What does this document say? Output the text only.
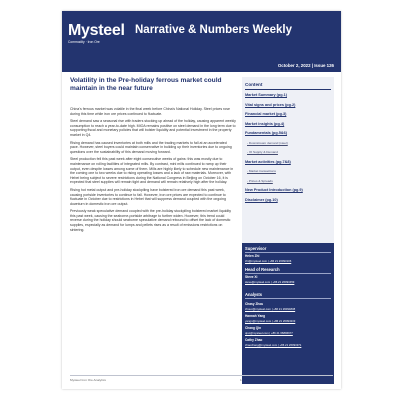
Mysteel
Commodity · Iron Ore
Narrative & Numbers Weekly
October 2, 2022 | Issue 126
Volatility in the Pre-holiday ferrous market could maintain in the near future

China's ferrous market was volatile in the final week before China's National Holiday. Steel prices rose during this time while iron ore prices continued to fluctuate.

Steel demand saw a seasonal rise with traders stocking up ahead of the holiday, causing apparent weekly consumption to reach a year-to-date high. MIOA remains positive on steel demand in the long term due to supporting fiscal and monetary policies that will bolster liquidity and potential investment in the property market in Q4.

Rising demand has caused inventories at both mills and the trading markets to fall at an accelerated pace. However, steel buyers could maintain conservative in building up their inventories due to ongoing questions over the sustainability of this demand moving forward.

Steel production fell this past week after eight consecutive weeks of gains: this was mostly due to maintenance on rolling facilities of integrated mills. By contrast, mini mills continued to ramp up their output, even despite losses among some of them. Mills are highly likely to schedule new maintenance in the coming one to two weeks due to rising operating losses and a lack of raw materials. Moreover, with Hebei being subject to severe restrictions during the National Congress in Beijing on October 16, it is expected that steel supplies will remain tight and demand will remain relatively high after the holiday.

Rising hot metal output and pre-holiday stockpiling have bolstered iron ore demand this past week, causing portside inventories to continue to fall. However, iron ore prices are expected to continue to fluctuate in October due to restrictions in Hebei that will suppress demand coupled with the ongoing downturn in domestic iron ore output.

Previously weak speculative demand coupled with the pre-holiday stockpiling bolstered market liquidity this past week, causing the seaborne-portside arbitrage to further widen. However, this trend could reverse during the holiday should seaborne speculative demand rebound to offset the lack of domestic supplies, especially as demand for lumps and pellets rises as a result of emissions restrictions on sintering.

Content
Market Summary (pg.1)
Vital signs and prices (pg.2)
Financial market (pg.3)
Market insights (pg.4)
Fundamentals (pg.5&6)
- Downstream demand (steel)
- IO Supply & Demand
Market activities (pg.7&8)
- Market transactions
- Prices & Spreads
New Product Introduction (pg.9)
Disclaimer (pg.10)
Supervisor
Helen Zhi
zhi@mysteel.com | +86 21 26093106
Head of Research
Steve Xi
steve@mysteel.com | +86 21 26093459
Analysts
Chasy Zhou
zhouc@mysteel.com | +86 21 26094838
Hannah Yang
yangn@mysteel.com | +86 21 26093233
Chang Qin
qinc@mysteel.com | +86 21 66896977
Cathy Zhao
zhaochang@mysteel.com | +86 21 26093371
Mysteel Iron Ore Analytics	1
